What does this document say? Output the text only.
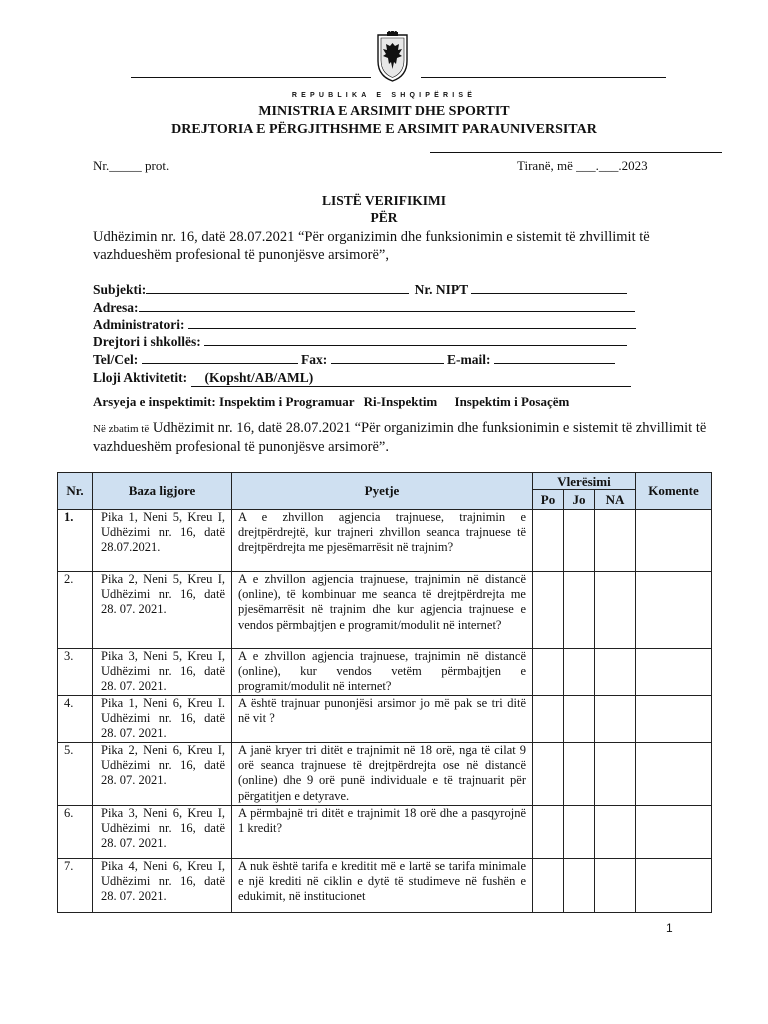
REPUBLIKA E SHQIPËRISË
MINISTRIA E ARSIMIT DHE SPORTIT
DREJTORIA E PËRGJITHSHME E ARSIMIT PARAUNIVERSITAR
Nr._____ prot.	Tiranë, më ___.___.2023
LISTË VERIFIKIMI
PËR
Udhëzimin nr. 16, datë 28.07.2021 “Për organizimin dhe funksionimin e sistemit të zhvillimit të vazhdueshëm profesional të punonjësve arsimorë”,
Subjekti:	Nr. NIPT
Adresa:
Administratori:
Drejtori i shkollës:
Tel/Cel:	Fax:	E-mail:
Lloji Aktivitetit: (Kopsht/AB/AML)
Arsyeja e inspektimit: Inspektim i Programuar Ri-Inspektim Inspektim i Posaçëm
Në zbatim të Udhëzimit nr. 16, datë 28.07.2021 “Për organizimin dhe funksionimin e sistemit të zhvillimit të vazhdueshëm profesional të punonjësve arsimorë”.
Nr.	Baza ligjore	Pyetje	Vlerësimi			Komente
			Po	Jo	NA	
1.	Pika 1, Neni 5, Kreu I, Udhëzimi nr. 16, datë 28.07.2021.	A e zhvillon agjencia trajnuese, trajnimin e drejtpërdrejtë, kur trajneri zhvillon seanca trajnuese të drejtpërdrejta me pjesëmarrësit në trajnim?				
2.	Pika 2, Neni 5, Kreu I, Udhëzimi nr. 16, datë 28. 07. 2021.	A e zhvillon agjencia trajnuese, trajnimin në distancë (online), të kombinuar me seanca të drejtpërdrejta me pjesëmarrësit në trajnim dhe kur agjencia trajnuese e vendos përmbajtjen e programit/modulit në internet?				
3.	Pika 3, Neni 5, Kreu I, Udhëzimi nr. 16, datë 28. 07. 2021.	A e zhvillon agjencia trajnuese, trajnimin në distancë (online), kur vendos vetëm përmbajtjen e programit/modulit në internet?				
4.	Pika 1, Neni 6, Kreu I. Udhëzimi nr. 16, datë 28. 07. 2021.	A është trajnuar punonjësi arsimor jo më pak se tri ditë në vit ?				
5.	Pika 2, Neni 6, Kreu I, Udhëzimi nr. 16, datë 28. 07. 2021.	A janë kryer tri ditët e trajnimit në 18 orë, nga të cilat 9 orë seanca trajnuese të drejtpërdrejta ose në distancë (online) dhe 9 orë punë individuale e të trajnuarit për përgatitjen e detyrave.				
6.	Pika 3, Neni 6, Kreu I, Udhëzimi nr. 16, datë 28. 07. 2021.	A përmbajnë tri ditët e trajnimit 18 orë dhe a pasqyrojnë 1 kredit?				
7.	Pika 4, Neni 6, Kreu I, Udhëzimi nr. 16, datë 28. 07. 2021.	A nuk është tarifa e kreditit më e lartë se tarifa minimale e një krediti në ciklin e dytë të studimeve në fushën e edukimit, në institucionet				
1
